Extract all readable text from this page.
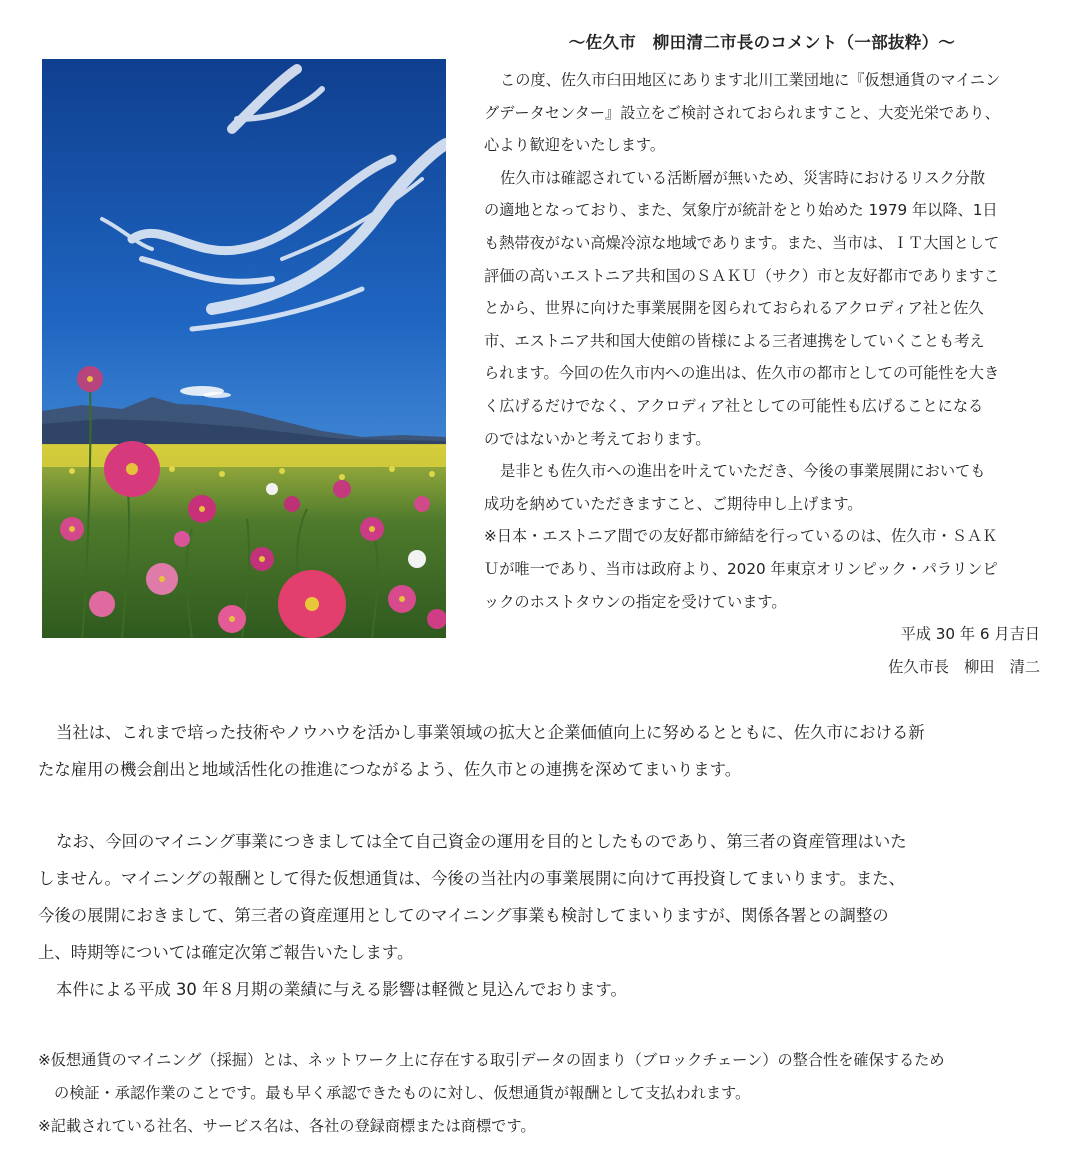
～佐久市　柳田清二市長のコメント（一部抜粋）～
この度、佐久市臼田地区にあります北川工業団地に『仮想通貨のマイニン
グデータセンター』設立をご検討されておられますこと、大変光栄であり、
心より歓迎をいたします。
佐久市は確認されている活断層が無いため、災害時におけるリスク分散
の適地となっており、また、気象庁が統計をとり始めた 1979 年以降、1日
も熱帯夜がない高燥冷涼な地域であります。また、当市は、ＩＴ大国として
評価の高いエストニア共和国のＳＡＫＵ（サク）市と友好都市でありますこ
とから、世界に向けた事業展開を図られておられるアクロディア社と佐久
市、エストニア共和国大使館の皆様による三者連携をしていくことも考え
られます。今回の佐久市内への進出は、佐久市の都市としての可能性を大き
く広げるだけでなく、アクロディア社としての可能性も広げることになる
のではないかと考えております。
是非とも佐久市への進出を叶えていただき、今後の事業展開においても
成功を納めていただきますこと、ご期待申し上げます。
※日本・エストニア間での友好都市締結を行っているのは、佐久市・ＳＡＫ
Ｕが唯一であり、当市は政府より、2020 年東京オリンピック・パラリンピ
ックのホストタウンの指定を受けています。
平成 30 年 6 月吉日
佐久市長　柳田　清二
当社は、これまで培った技術やノウハウを活かし事業領域の拡大と企業価値向上に努めるとともに、佐久市における新
たな雇用の機会創出と地域活性化の推進につながるよう、佐久市との連携を深めてまいります。
なお、今回のマイニング事業につきましては全て自己資金の運用を目的としたものであり、第三者の資産管理はいた
しません。マイニングの報酬として得た仮想通貨は、今後の当社内の事業展開に向けて再投資してまいります。また、
今後の展開におきまして、第三者の資産運用としてのマイニング事業も検討してまいりますが、関係各署との調整の
上、時期等については確定次第ご報告いたします。
本件による平成 30 年８月期の業績に与える影響は軽微と見込んでおります。
※仮想通貨のマイニング（採掘）とは、ネットワーク上に存在する取引データの固まり（ブロックチェーン）の整合性を確保するため
の検証・承認作業のことです。最も早く承認できたものに対し、仮想通貨が報酬として支払われます。
※記載されている社名、サービス名は、各社の登録商標または商標です。
